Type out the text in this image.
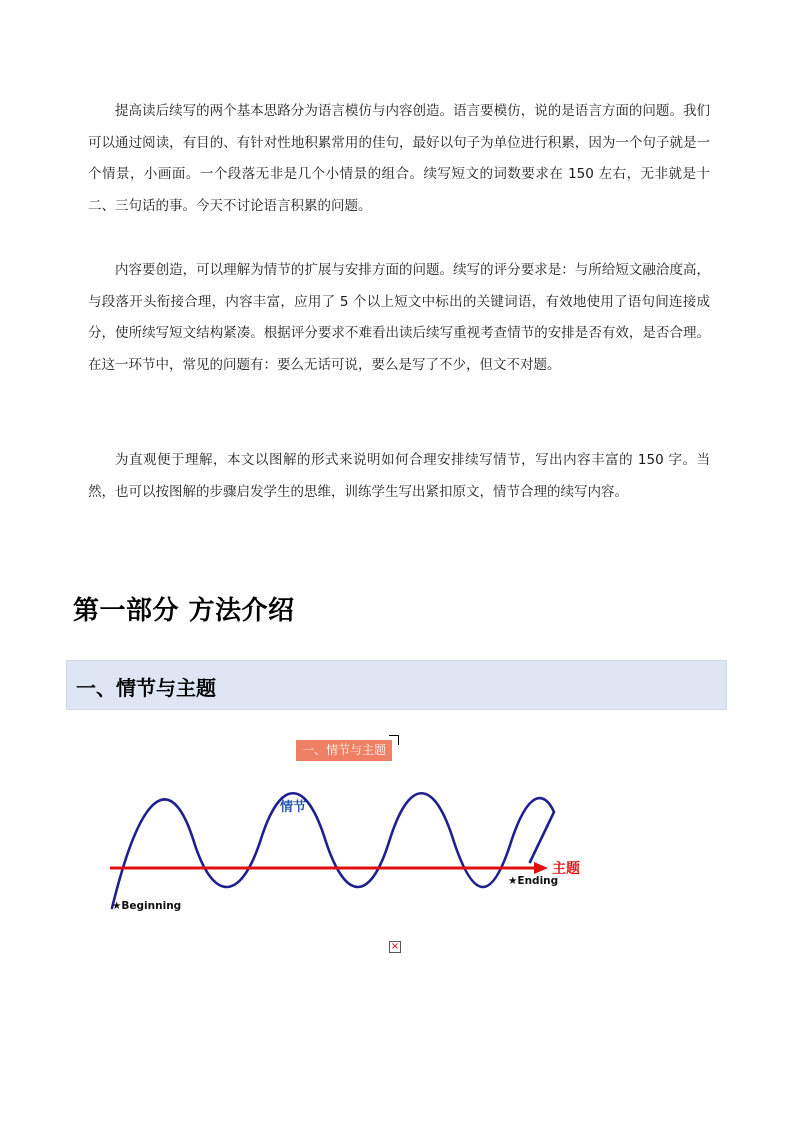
提高读后续写的两个基本思路分为语言模仿与内容创造。语言要模仿，说的是语言方面的问题。我们可以通过阅读，有目的、有针对性地积累常用的佳句，最好以句子为单位进行积累，因为一个句子就是一个情景，小画面。一个段落无非是几个小情景的组合。续写短文的词数要求在 150 左右，无非就是十二、三句话的事。今天不讨论语言积累的问题。

内容要创造，可以理解为情节的扩展与安排方面的问题。续写的评分要求是：与所给短文融洽度高，与段落开头衔接合理，内容丰富，应用了 5 个以上短文中标出的关键词语，有效地使用了语句间连接成分，使所续写短文结构紧凑。根据评分要求不难看出读后续写重视考查情节的安排是否有效，是否合理。在这一环节中，常见的问题有：要么无话可说，要么是写了不少，但文不对题。

为直观便于理解，本文以图解的形式来说明如何合理安排续写情节，写出内容丰富的 150 字。当然，也可以按图解的步骤启发学生的思维，训练学生写出紧扣原文，情节合理的续写内容。

第一部分 方法介绍
一、情节与主题
一、情节与主题
情节
主题
★Beginning
★Ending
×
